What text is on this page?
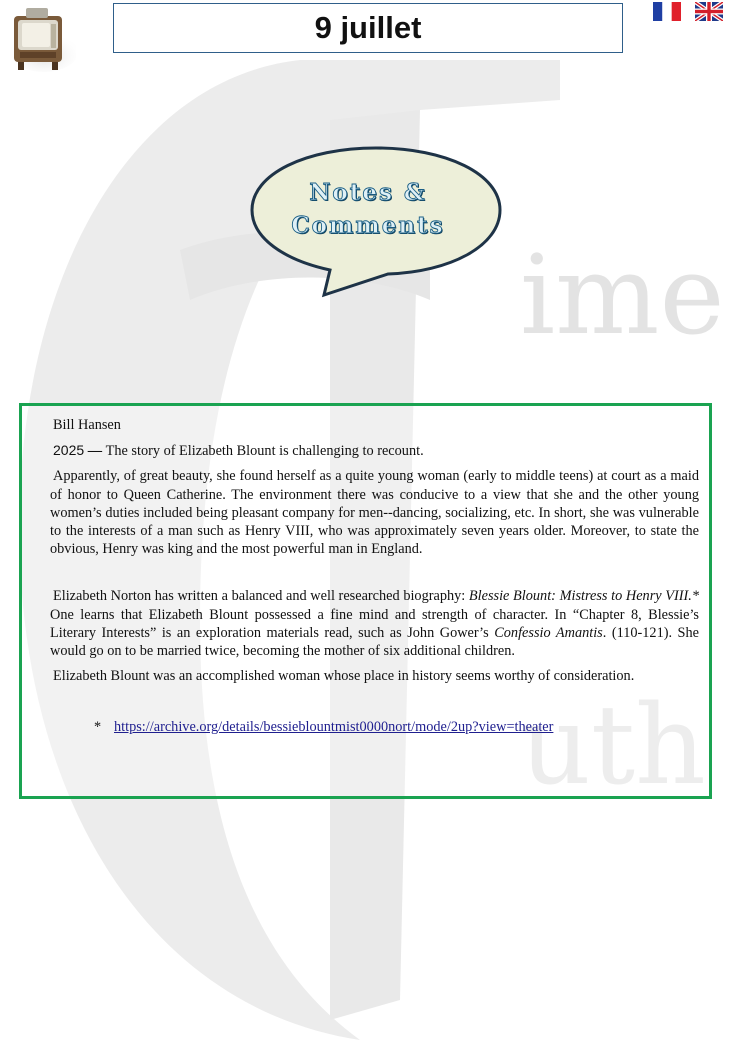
ime
uth
9 juillet
Notes &
Comments

Bill Hansen

2025 — The story of Elizabeth Blount is challenging to recount.

Apparently, of great beauty, she found herself as a quite young woman (early to middle teens) at court as a maid of honor to Queen Catherine. The environment there was conducive to a view that she and the other young women’s duties included being pleasant company for men--dancing, socializing, etc. In short, she was vulnerable to the interests of a man such as Henry VIII, who was approximately seven years older. Moreover, to state the obvious, Henry was king and the most powerful man in England.

Elizabeth Norton has written a balanced and well researched biography: Blessie Blount: Mistress to Henry VIII.* One learns that Elizabeth Blount possessed a fine mind and strength of character. In “Chapter 8, Blessie’s Literary Interests” is an exploration materials read, such as John Gower’s Confessio Amantis. (110-121). She would go on to be married twice, becoming the mother of six additional children.

Elizabeth Blount was an accomplished woman whose place in history seems worthy of consideration.

* https://archive.org/details/bessieblountmist0000nort/mode/2up?view=theater
